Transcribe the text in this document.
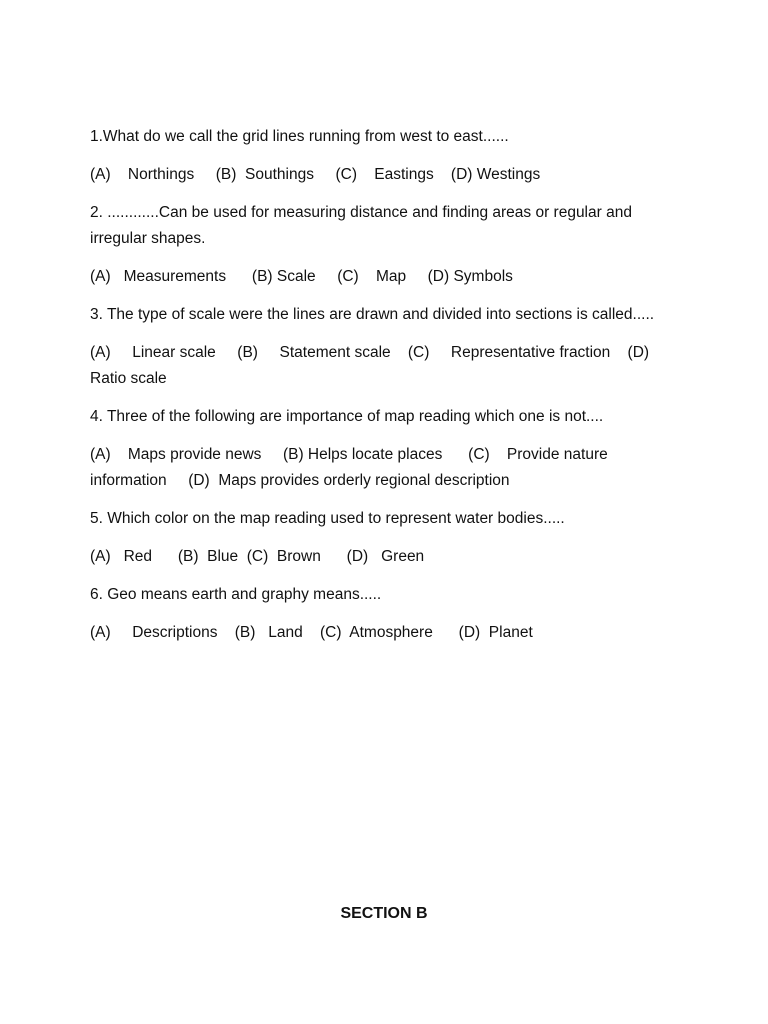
1.What do we call the grid lines running from west to east......

(A)    Northings     (B)  Southings     (C)    Eastings    (D) Westings

2. ............Can be used for measuring distance and finding areas or regular and

irregular shapes.

(A)   Measurements      (B) Scale     (C)    Map     (D) Symbols

3. The type of scale were the lines are drawn and divided into sections is called.....

(A)     Linear scale     (B)     Statement scale    (C)     Representative fraction    (D)

Ratio scale

4. Three of the following are importance of map reading which one is not....

(A)    Maps provide news     (B) Helps locate places      (C)    Provide nature

information     (D)  Maps provides orderly regional description

5. Which color on the map reading used to represent water bodies.....

(A)   Red      (B)  Blue  (C)  Brown      (D)   Green

6. Geo means earth and graphy means.....

(A)     Descriptions    (B)   Land    (C)  Atmosphere      (D)  Planet

SECTION B
